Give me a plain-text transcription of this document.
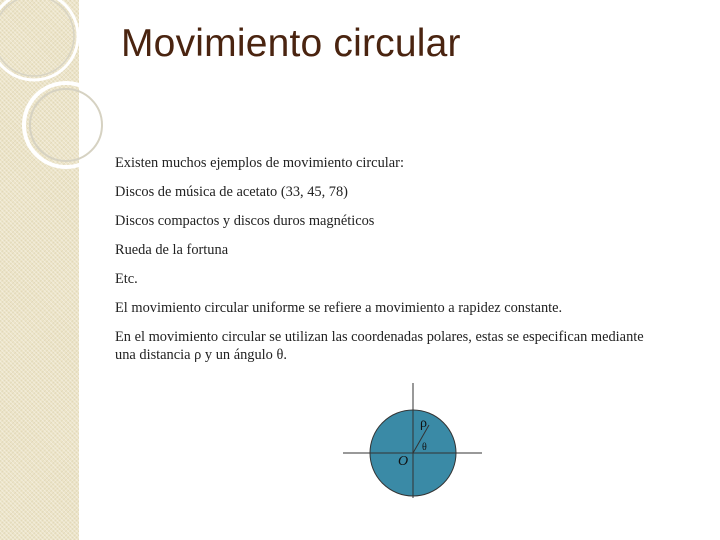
Movimiento circular

Existen muchos ejemplos de movimiento circular:

Discos de música de acetato (33, 45, 78)

Discos compactos y discos duros magnéticos

Rueda de la fortuna

Etc.

El movimiento circular uniforme se refiere a movimiento a rapidez constante.

En el movimiento circular se utilizan las coordenadas polares, estas se especifican mediante

una distancia ρ y un ángulo θ.

ρ
θ
O
